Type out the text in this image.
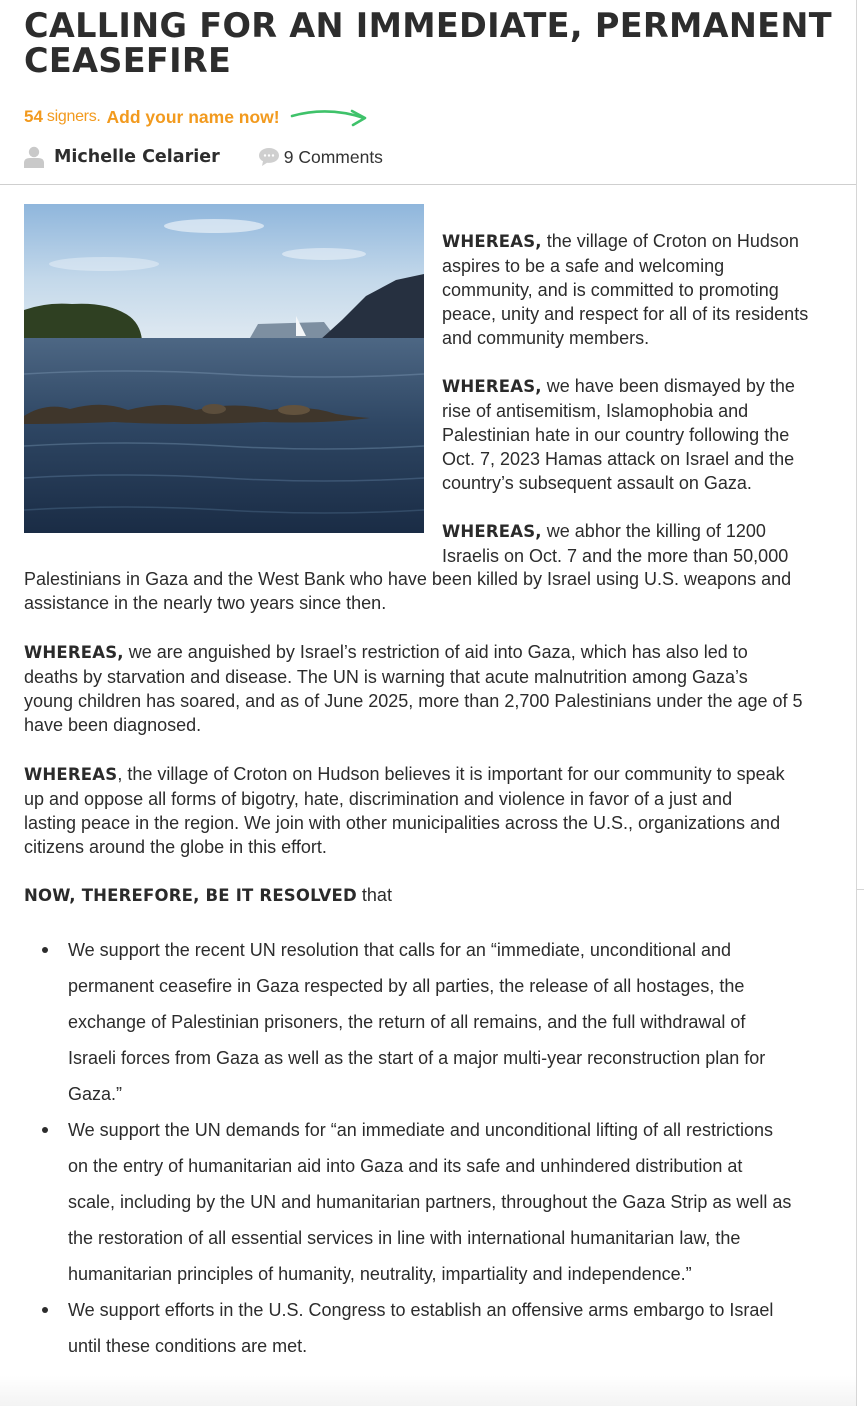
CALLING FOR AN IMMEDIATE, PERMANENT CEASEFIRE
54 signers. Add your name now!
Michelle Celarier	9 Comments

WHEREAS, the village of Croton on Hudson
aspires to be a safe and welcoming
community, and is committed to promoting
peace, unity and respect for all of its residents
and community members.

WHEREAS, we have been dismayed by the
rise of antisemitism, Islamophobia and
Palestinian hate in our country following the
Oct. 7, 2023 Hamas attack on Israel and the
country’s subsequent assault on Gaza.

WHEREAS, we abhor the killing of 1200
Israelis on Oct. 7 and the more than 50,000

Palestinians in Gaza and the West Bank who have been killed by Israel using U.S. weapons and
assistance in the nearly two years since then.

WHEREAS, we are anguished by Israel’s restriction of aid into Gaza, which has also led to
deaths by starvation and disease. The UN is warning that acute malnutrition among Gaza’s
young children has soared, and as of June 2025, more than 2,700 Palestinians under the age of 5
have been diagnosed.

WHEREAS, the village of Croton on Hudson believes it is important for our community to speak
up and oppose all forms of bigotry, hate, discrimination and violence in favor of a just and
lasting peace in the region. We join with other municipalities across the U.S., organizations and
citizens around the globe in this effort.

NOW, THEREFORE, BE IT RESOLVED that

We support the recent UN resolution that calls for an “immediate, unconditional and
permanent ceasefire in Gaza respected by all parties, the release of all hostages, the
exchange of Palestinian prisoners, the return of all remains, and the full withdrawal of
Israeli forces from Gaza as well as the start of a major multi-year reconstruction plan for
Gaza.”
We support the UN demands for “an immediate and unconditional lifting of all restrictions
on the entry of humanitarian aid into Gaza and its safe and unhindered distribution at
scale, including by the UN and humanitarian partners, throughout the Gaza Strip as well as
the restoration of all essential services in line with international humanitarian law, the
humanitarian principles of humanity, neutrality, impartiality and independence.”
We support efforts in the U.S. Congress to establish an offensive arms embargo to Israel
until these conditions are met.
